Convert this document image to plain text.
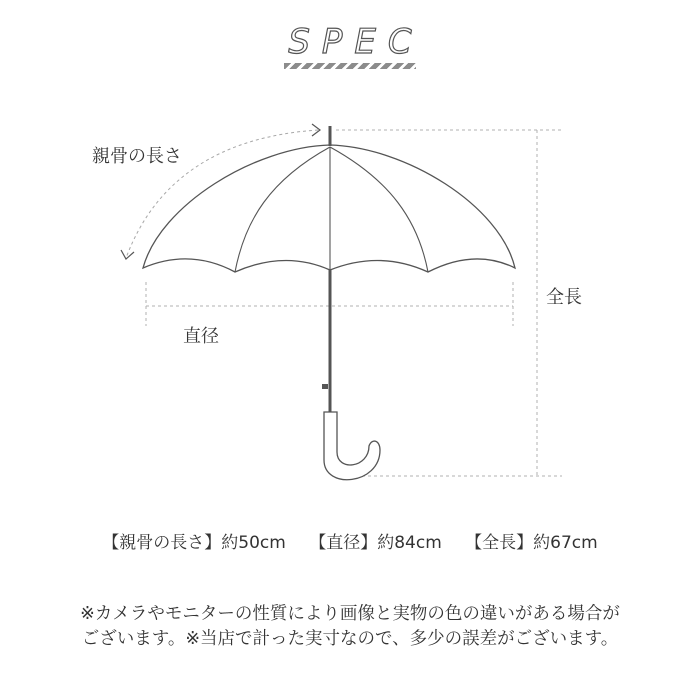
SPEC
親骨の長さ
直径
全長
【親骨の長さ】約50cm 【直径】約84cm 【全長】約67cm
※カメラやモニターの性質により画像と実物の色の違いがある場合が
ございます。※当店で計った実寸なので、多少の誤差がございます。
